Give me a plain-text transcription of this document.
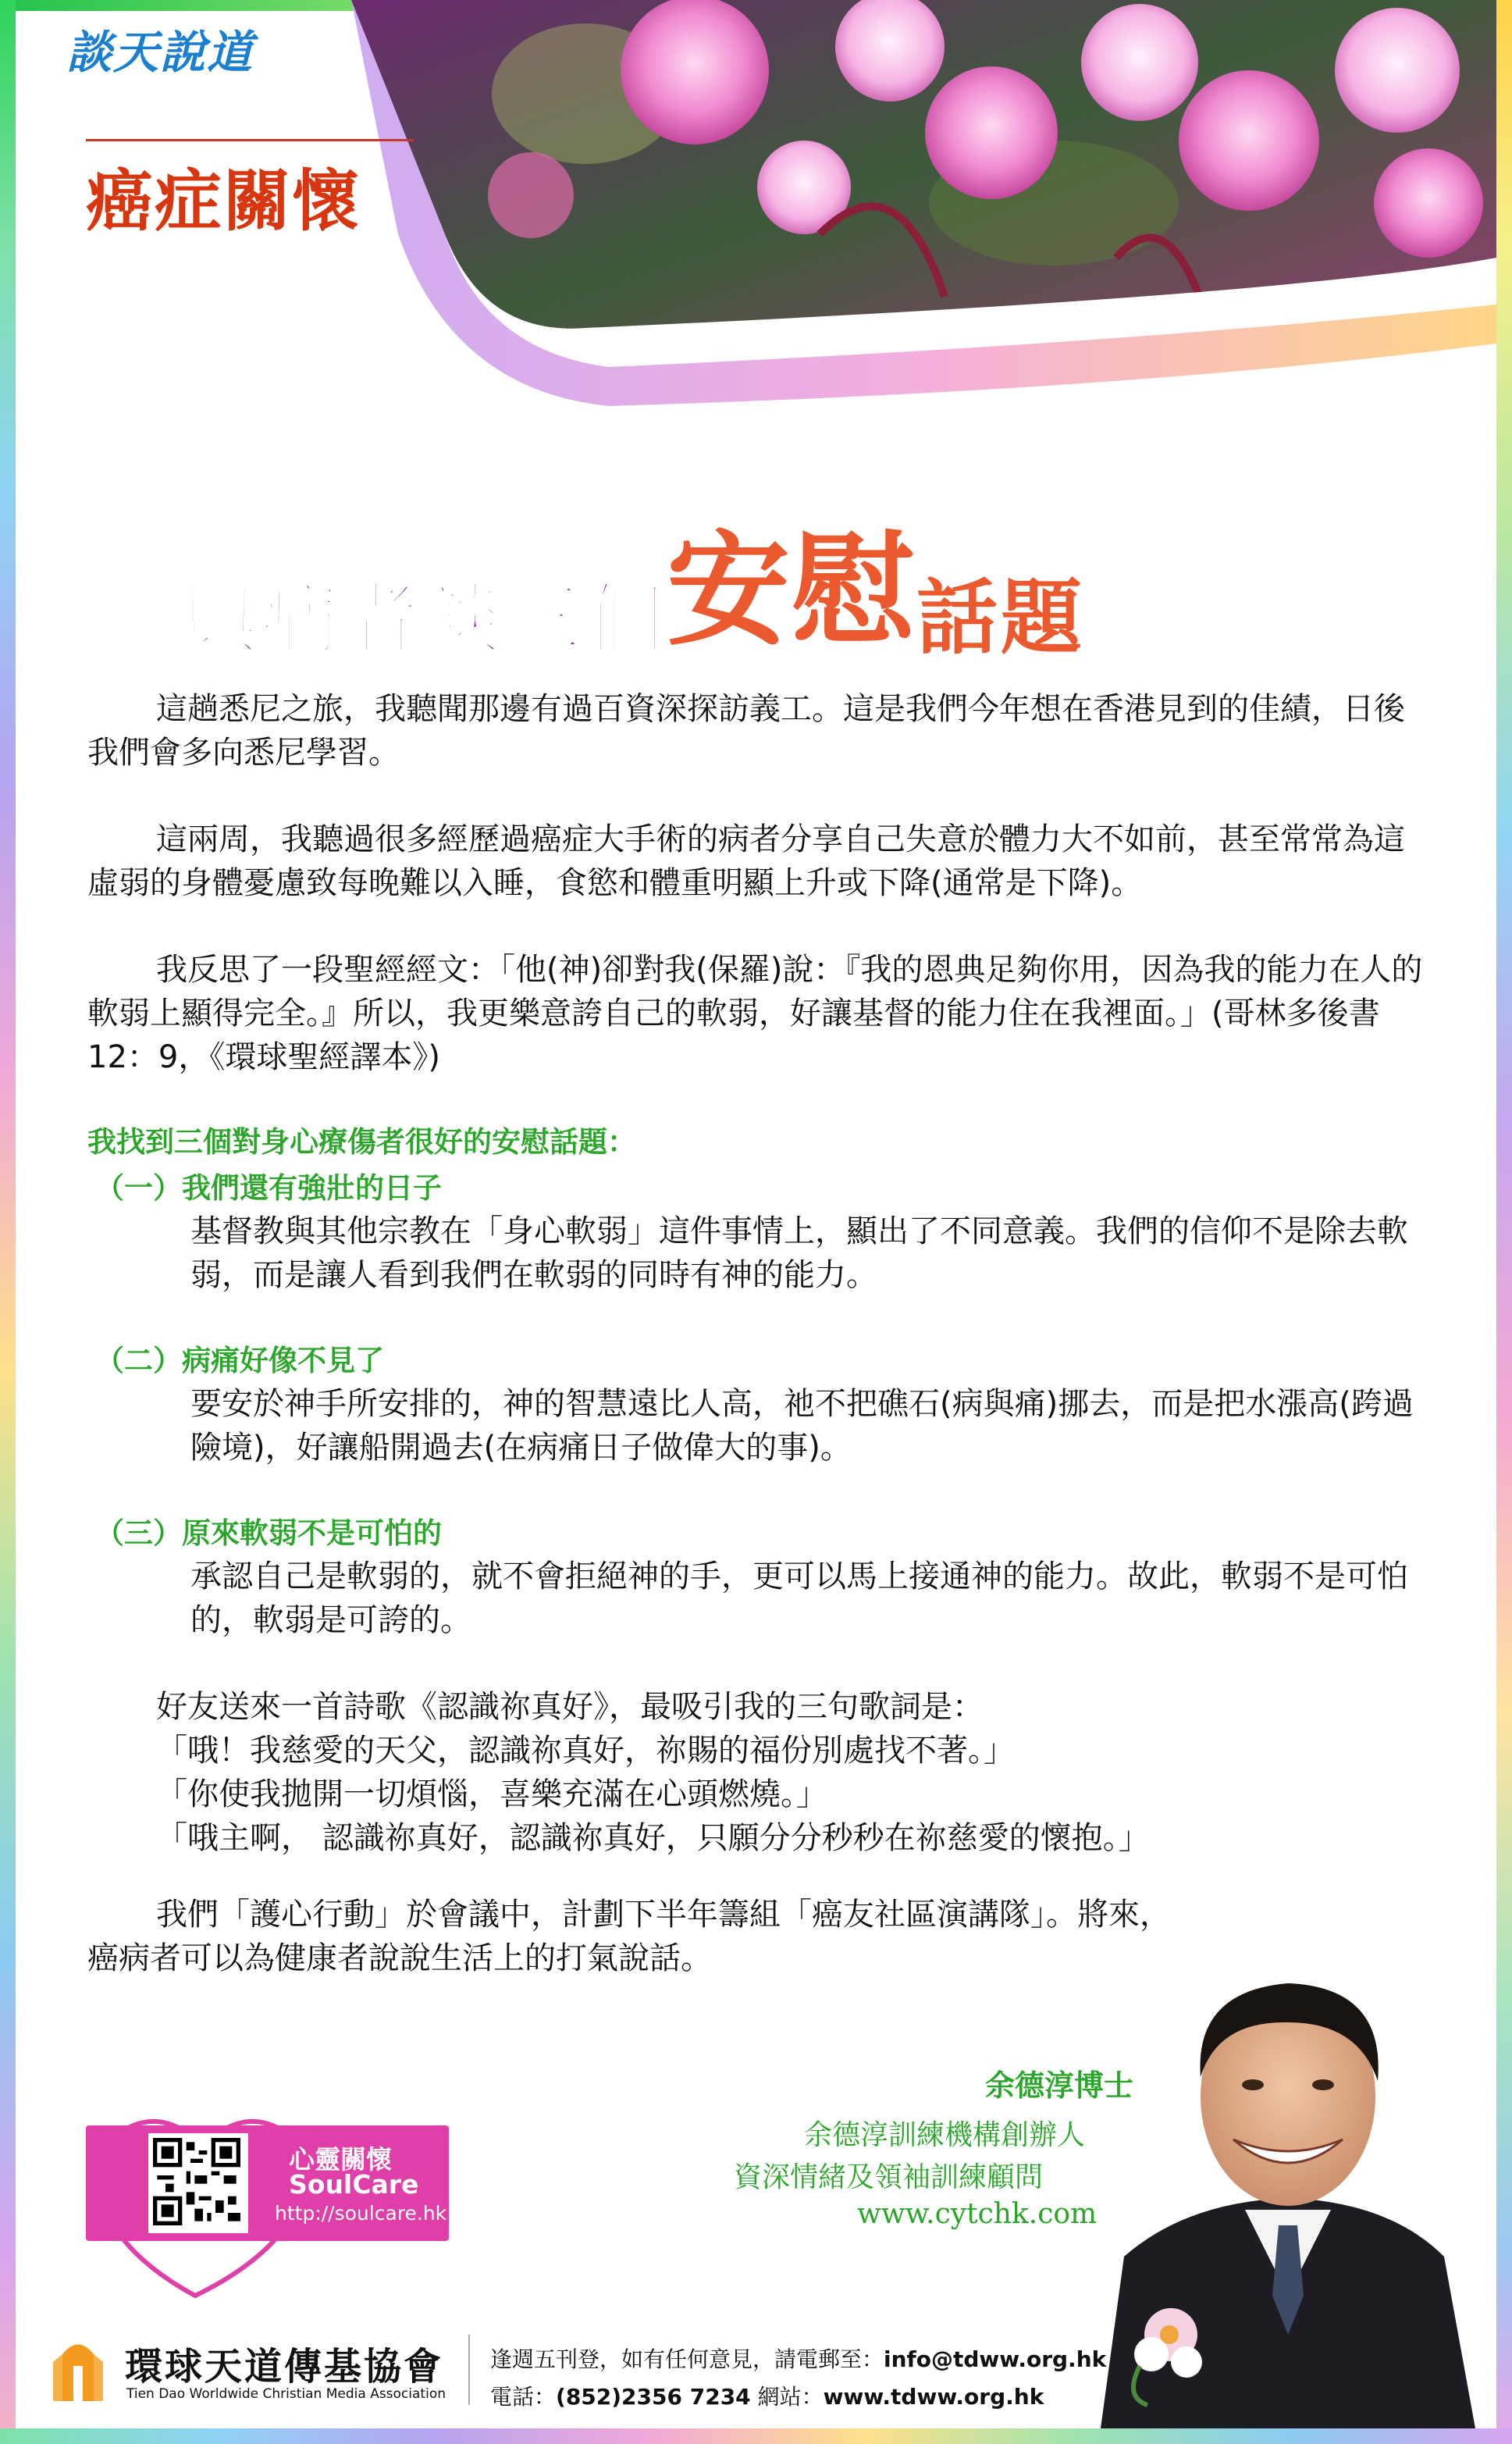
談天說道
癌症關懷
與病者談三個安慰話題

這趟悉尼之旅，我聽聞那邊有過百資深探訪義工。這是我們今年想在香港見到的佳績，日後我們會多向悉尼學習。

這兩周，我聽過很多經歷過癌症大手術的病者分享自己失意於體力大不如前，甚至常常為這虛弱的身體憂慮致每晚難以入睡，食慾和體重明顯上升或下降(通常是下降)。

我反思了一段聖經經文：「他(神)卻對我(保羅)說：『我的恩典足夠你用，因為我的能力在人的軟弱上顯得完全。』所以，我更樂意誇自己的軟弱，好讓基督的能力住在我裡面。」(哥林多後書12：9，《環球聖經譯本》)

我找到三個對身心療傷者很好的安慰話題：
（一）我們還有強壯的日子
基督教與其他宗教在「身心軟弱」這件事情上，顯出了不同意義。我們的信仰不是除去軟弱，而是讓人看到我們在軟弱的同時有神的能力。
（二）病痛好像不見了
要安於神手所安排的，神的智慧遠比人高，祂不把礁石(病與痛)挪去，而是把水漲高(跨過險境)，好讓船開過去(在病痛日子做偉大的事)。
（三）原來軟弱不是可怕的
承認自己是軟弱的，就不會拒絕神的手，更可以馬上接通神的能力。故此，軟弱不是可怕的，軟弱是可誇的。
好友送來一首詩歌《認識祢真好》，最吸引我的三句歌詞是：
「哦！我慈愛的天父，認識祢真好，祢賜的福份別處找不著。」
「你使我拋開一切煩惱，喜樂充滿在心頭燃燒。」
「哦主啊， 認識祢真好，認識祢真好，只願分分秒秒在祢慈愛的懷抱。」

我們「護心行動」於會議中，計劃下半年籌組「癌友社區演講隊」。將來，癌病者可以為健康者說說生活上的打氣說話。

余德淳博士
余德淳訓練機構創辦人
資深情緒及領袖訓練顧問
www.cytchk.com
心靈關懷
SoulCare
http://soulcare.hk
環球天道傳基協會
Tien Dao Worldwide Christian Media Association
逢週五刊登，如有任何意見，請電郵至：info@tdww.org.hk
電話：(852)2356 7234 網站：www.tdww.org.hk
